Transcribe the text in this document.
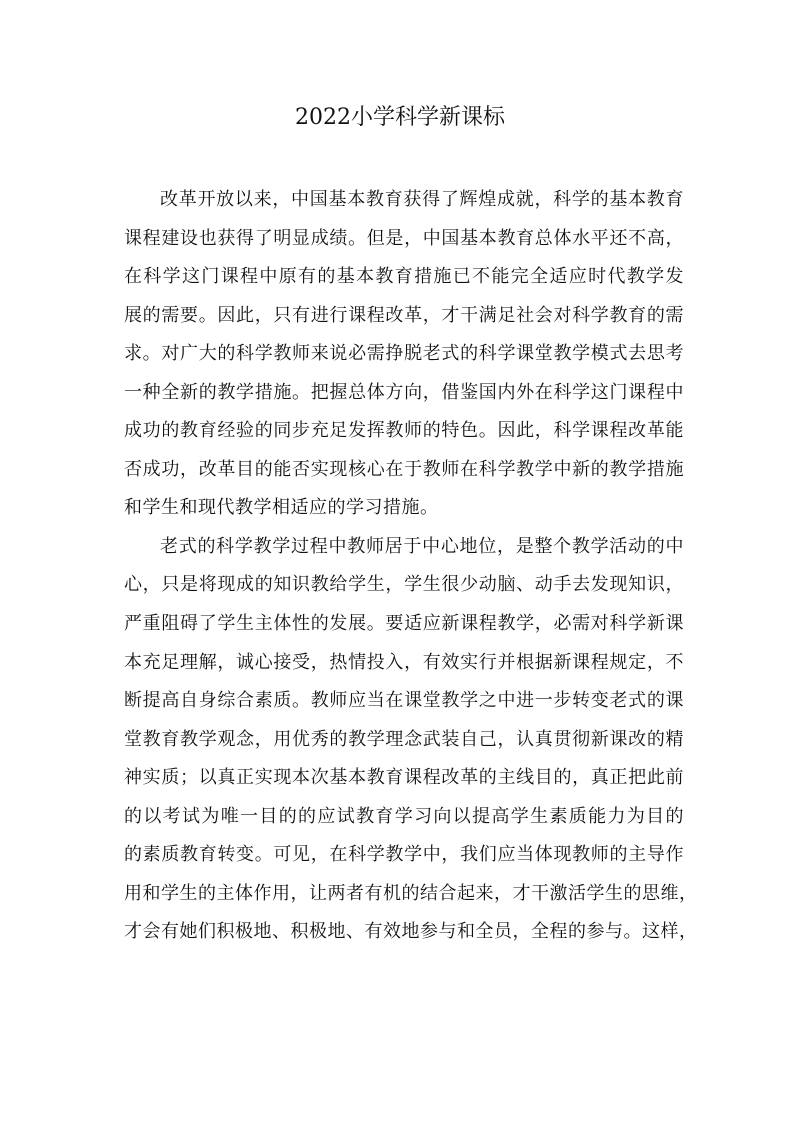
2022小学科学新课标
改革开放以来，中国基本教育获得了辉煌成就，科学的基本教育
课程建设也获得了明显成绩。但是，中国基本教育总体水平还不高，
在科学这门课程中原有的基本教育措施已不能完全适应时代教学发
展的需要。因此，只有进行课程改革，才干满足社会对科学教育的需
求。对广大的科学教师来说必需挣脱老式的科学课堂教学模式去思考
一种全新的教学措施。把握总体方向，借鉴国内外在科学这门课程中
成功的教育经验的同步充足发挥教师的特色。因此，科学课程改革能
否成功，改革目的能否实现核心在于教师在科学教学中新的教学措施
和学生和现代教学相适应的学习措施。
老式的科学教学过程中教师居于中心地位，是整个教学活动的中
心，只是将现成的知识教给学生，学生很少动脑、动手去发现知识，
严重阻碍了学生主体性的发展。要适应新课程教学，必需对科学新课
本充足理解，诚心接受，热情投入，有效实行并根据新课程规定，不
断提高自身综合素质。教师应当在课堂教学之中进一步转变老式的课
堂教育教学观念，用优秀的教学理念武装自己，认真贯彻新课改的精
神实质；以真正实现本次基本教育课程改革的主线目的，真正把此前
的以考试为唯一目的的应试教育学习向以提高学生素质能力为目的
的素质教育转变。可见，在科学教学中，我们应当体现教师的主导作
用和学生的主体作用，让两者有机的结合起来，才干激活学生的思维，
才会有她们积极地、积极地、有效地参与和全员，全程的参与。这样，
